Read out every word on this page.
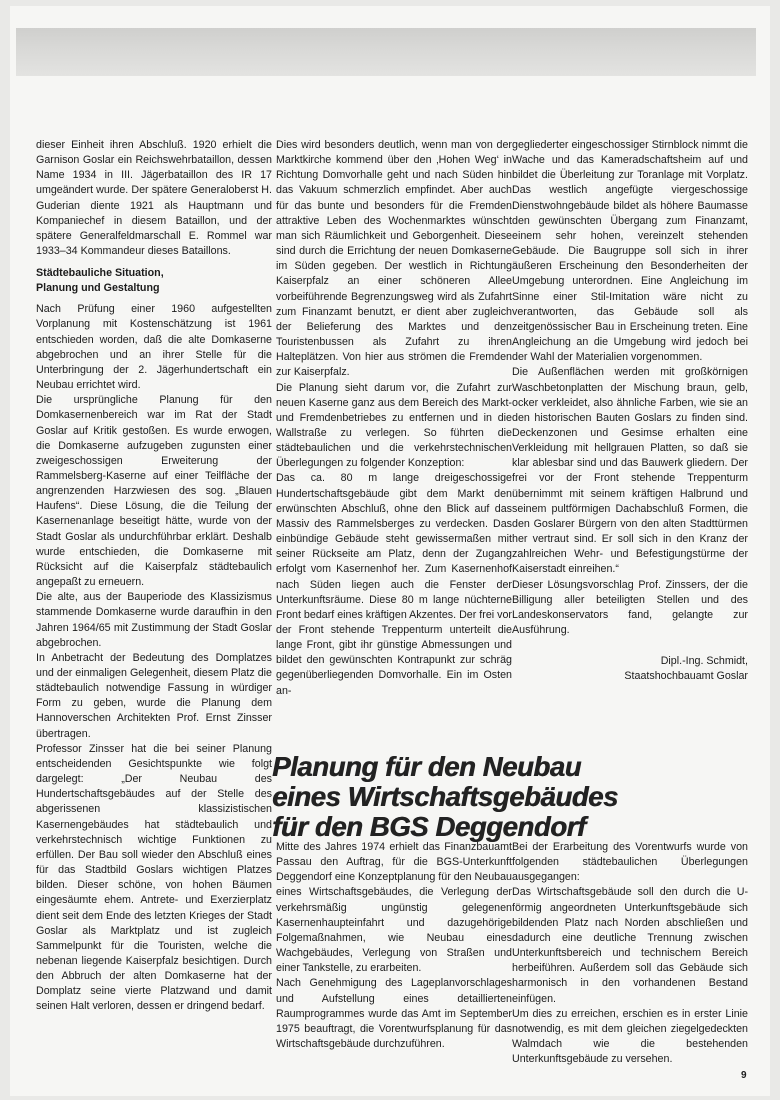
dieser Einheit ihren Abschluß. 1920 erhielt die Garnison Goslar ein Reichswehrbataillon, dessen Name 1934 in III. Jägerbataillon des IR 17 umgeändert wurde. Der spätere Generaloberst H. Guderian diente 1921 als Hauptmann und Kompaniechef in diesem Bataillon, und der spätere Generalfeldmarschall E. Rommel war 1933–34 Kommandeur dieses Bataillons.

Städtebauliche Situation,
Planung und Gestaltung

Nach Prüfung einer 1960 aufgestellten Vorplanung mit Kostenschätzung ist 1961 entschieden worden, daß die alte Domkaserne abgebrochen und an ihrer Stelle für die Unterbringung der 2. Jägerhundertschaft ein Neubau errichtet wird.

Die ursprüngliche Planung für den Domkasernenbereich war im Rat der Stadt Goslar auf Kritik gestoßen. Es wurde erwogen, die Domkaserne aufzugeben zugunsten einer zweigeschossigen Erweiterung der Rammelsberg-Kaserne auf einer Teilfläche der angrenzenden Harzwiesen des sog. „Blauen Haufens“. Diese Lösung, die die Teilung der Kasernenanlage beseitigt hätte, wurde von der Stadt Goslar als undurchführbar erklärt. Deshalb wurde entschieden, die Domkaserne mit Rücksicht auf die Kaiserpfalz städtebaulich angepaßt zu erneuern.

Die alte, aus der Bauperiode des Klassizismus stammende Domkaserne wurde daraufhin in den Jahren 1964/65 mit Zustimmung der Stadt Goslar abgebrochen.

In Anbetracht der Bedeutung des Domplatzes und der einmaligen Gelegenheit, diesem Platz die städtebaulich notwendige Fassung in würdiger Form zu geben, wurde die Planung dem Hannoverschen Architekten Prof. Ernst Zinsser übertragen.

Professor Zinsser hat die bei seiner Planung entscheidenden Gesichtspunkte wie folgt dargelegt: „Der Neubau des Hundertschaftsgebäudes auf der Stelle des abgerissenen klassizistischen Kasernengebäudes hat städtebaulich und verkehrstechnisch wichtige Funktionen zu erfüllen. Der Bau soll wieder den Abschluß eines für das Stadtbild Goslars wichtigen Platzes bilden. Dieser schöne, von hohen Bäumen eingesäumte ehem. Antrete- und Exerzierplatz dient seit dem Ende des letzten Krieges der Stadt Goslar als Marktplatz und ist zugleich Sammelpunkt für die Touristen, welche die nebenan liegende Kaiserpfalz besichtigen. Durch den Abbruch der alten Domkaserne hat der Domplatz seine vierte Platzwand und damit seinen Halt verloren, dessen er dringend bedarf.

Dies wird besonders deutlich, wenn man von der Marktkirche kommend über den ‚Hohen Weg‘ in Richtung Domvorhalle geht und nach Süden hin das Vakuum schmerzlich empfindet. Aber auch für das bunte und besonders für die Fremden attraktive Leben des Wochenmarktes wünscht man sich Räumlichkeit und Geborgenheit. Diese sind durch die Errichtung der neuen Domkaserne im Süden gegeben. Der westlich in Richtung Kaiserpfalz an einer schöneren Allee vorbeiführende Begrenzungsweg wird als Zufahrt zum Finanzamt benutzt, er dient aber zugleich der Belieferung des Marktes und den Touristenbussen als Zufahrt zu ihren Halteplätzen. Von hier aus strömen die Fremden zur Kaiserpfalz.

Die Planung sieht darum vor, die Zufahrt zur neuen Kaserne ganz aus dem Bereich des Markt- und Fremdenbetriebes zu entfernen und in die Wallstraße zu verlegen. So führten die städtebaulichen und die verkehrstechnischen Überlegungen zu folgender Konzeption:

Das ca. 80 m lange dreigeschossige Hundertschaftsgebäude gibt dem Markt den erwünschten Abschluß, ohne den Blick auf das Massiv des Rammelsberges zu verdecken. Das einbündige Gebäude steht gewissermaßen mit seiner Rückseite am Platz, denn der Zugang erfolgt vom Kasernenhof her. Zum Kasernenhof nach Süden liegen auch die Fenster der Unterkunftsräume. Diese 80 m lange nüchterne Front bedarf eines kräftigen Akzentes. Der frei vor der Front stehende Treppenturm unterteilt die lange Front, gibt ihr günstige Abmessungen und bildet den gewünschten Kontrapunkt zur schräg gegenüberliegenden Domvorhalle. Ein im Osten an-

gegliederter eingeschossiger Stirnblock nimmt die Wache und das Kameradschaftsheim auf und bildet die Überleitung zur Toranlage mit Vorplatz. Das westlich angefügte viergeschossige Dienstwohngebäude bildet als höhere Baumasse den gewünschten Übergang zum Finanzamt, einem sehr hohen, vereinzelt stehenden Gebäude. Die Baugruppe soll sich in ihrer äußeren Erscheinung den Besonderheiten der Umgebung unterordnen. Eine Angleichung im Sinne einer Stil-Imitation wäre nicht zu verantworten, das Gebäude soll als zeitgenössischer Bau in Erscheinung treten. Eine Angleichung an die Umgebung wird jedoch bei der Wahl der Materialien vorgenommen.

Die Außenflächen werden mit großkörnigen Waschbetonplatten der Mischung braun, gelb, ocker verkleidet, also ähnliche Farben, wie sie an den historischen Bauten Goslars zu finden sind. Deckenzonen und Gesimse erhalten eine Verkleidung mit hellgrauen Platten, so daß sie klar ablesbar sind und das Bauwerk gliedern. Der frei vor der Front stehende Treppenturm übernimmt mit seinem kräftigen Halbrund und seinem pultförmigen Dachabschluß Formen, die den Goslarer Bürgern von den alten Stadttürmen her vertraut sind. Er soll sich in den Kranz der zahlreichen Wehr- und Befestigungstürme der Kaiserstadt einreihen.“

Dieser Lösungsvorschlag Prof. Zinssers, der die Billigung aller beteiligten Stellen und des Landeskonservators fand, gelangte zur Ausführung.

Dipl.-Ing. Schmidt,
Staatshochbauamt Goslar

Planung für den Neubau
eines Wirtschaftsgebäudes
für den BGS Deggendorf

Mitte des Jahres 1974 erhielt das Finanzbauamt Passau den Auftrag, für die BGS-Unterkunft Deggendorf eine Konzeptplanung für den Neubau eines Wirtschaftsgebäudes, die Verlegung der verkehrsmäßig ungünstig gelegenen Kasernenhaupteinfahrt und dazugehörige Folgemaßnahmen, wie Neubau eines Wachgebäudes, Verlegung von Straßen und einer Tankstelle, zu erarbeiten.

Nach Genehmigung des Lageplanvorschlages und Aufstellung eines detaillierten Raumprogrammes wurde das Amt im September 1975 beauftragt, die Vorentwurfsplanung für das Wirtschaftsgebäude durchzuführen.

Bei der Erarbeitung des Vorentwurfs wurde von folgenden städtebaulichen Überlegungen ausgegangen:

Das Wirtschaftsgebäude soll den durch die U-förmig angeordneten Unterkunftsgebäude sich bildenden Platz nach Norden abschließen und dadurch eine deutliche Trennung zwischen Unterkunftsbereich und technischem Bereich herbeiführen. Außerdem soll das Gebäude sich harmonisch in den vorhandenen Bestand einfügen.

Um dies zu erreichen, erschien es in erster Linie notwendig, es mit dem gleichen ziegelgedeckten Walmdach wie die bestehenden Unterkunftsgebäude zu versehen.

9
